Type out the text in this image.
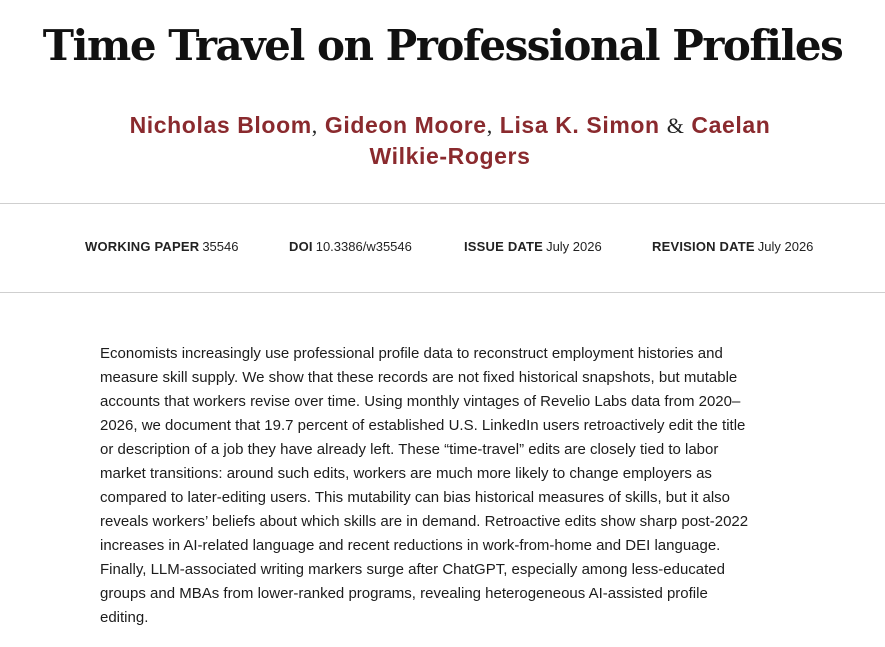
Time Travel on Professional Profiles
Nicholas Bloom, Gideon Moore, Lisa K. Simon & Caelan Wilkie-Rogers
WORKING PAPER 35546	DOI 10.3386/w35546	ISSUE DATE July 2026	REVISION DATE July 2026
Economists increasingly use professional profile data to reconstruct employment histories and
measure skill supply. We show that these records are not fixed historical snapshots, but mutable
accounts that workers revise over time. Using monthly vintages of Revelio Labs data from 2020–
2026, we document that 19.7 percent of established U.S. LinkedIn users retroactively edit the title
or description of a job they have already left. These “time-travel” edits are closely tied to labor
market transitions: around such edits, workers are much more likely to change employers as
compared to later-editing users. This mutability can bias historical measures of skills, but it also
reveals workers’ beliefs about which skills are in demand. Retroactive edits show sharp post-2022
increases in AI-related language and recent reductions in work-from-home and DEI language.
Finally, LLM-associated writing markers surge after ChatGPT, especially among less-educated
groups and MBAs from lower-ranked programs, revealing heterogeneous AI-assisted profile
editing.
